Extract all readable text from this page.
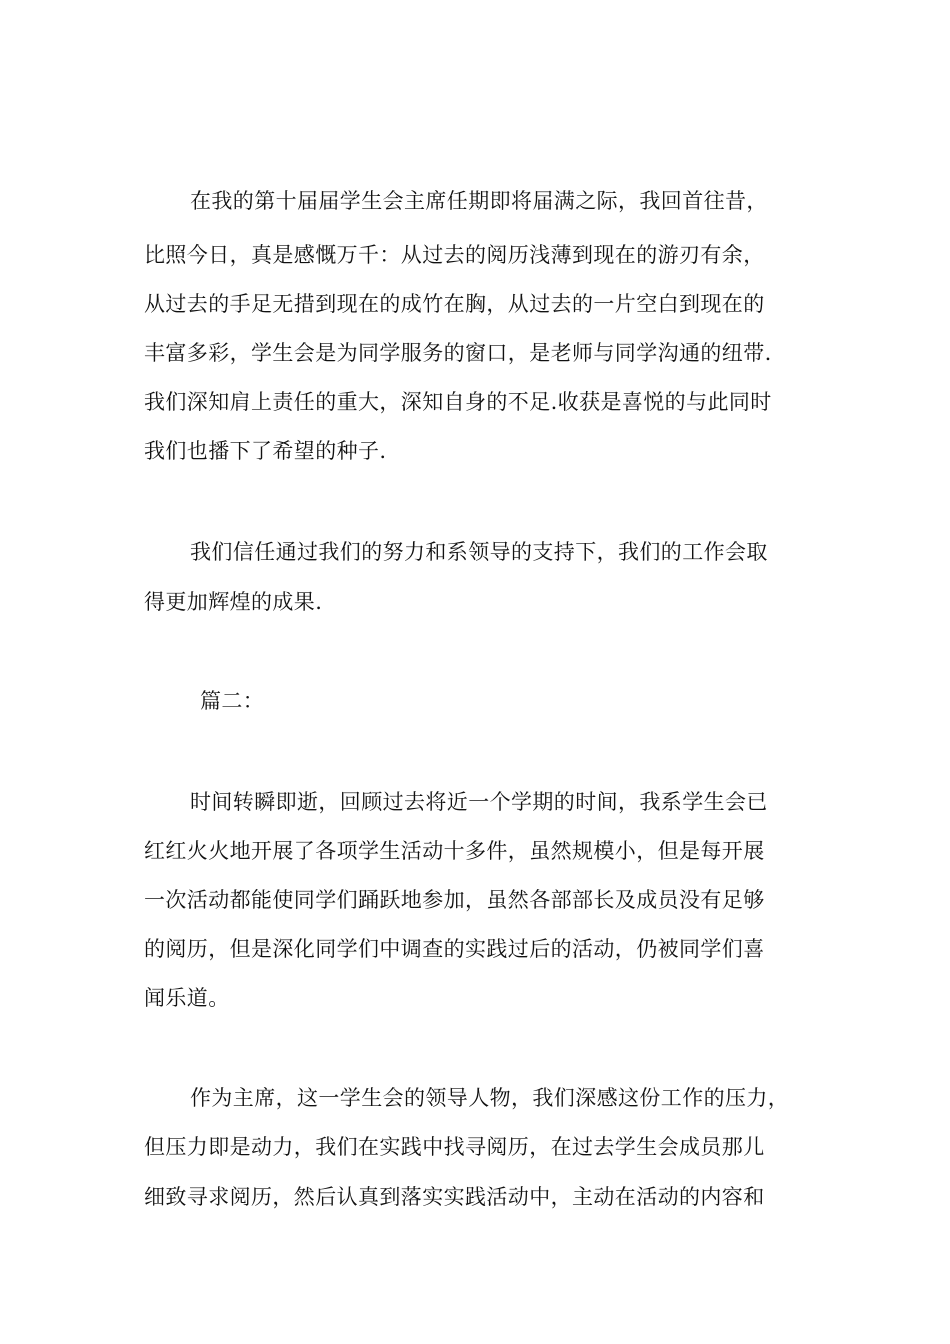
在我的第十届届学生会主席任期即将届满之际，我回首往昔，
比照今日，真是感慨万千：从过去的阅历浅薄到现在的游刃有余，
从过去的手足无措到现在的成竹在胸，从过去的一片空白到现在的
丰富多彩，学生会是为同学服务的窗口，是老师与同学沟通的纽带.
我们深知肩上责任的重大，深知自身的不足.收获是喜悦的与此同时
我们也播下了希望的种子.
我们信任通过我们的努力和系领导的支持下，我们的工作会取
得更加辉煌的成果.
篇二：
时间转瞬即逝，回顾过去将近一个学期的时间，我系学生会已
红红火火地开展了各项学生活动十多件，虽然规模小，但是每开展
一次活动都能使同学们踊跃地参加，虽然各部部长及成员没有足够
的阅历，但是深化同学们中调查的实践过后的活动，仍被同学们喜
闻乐道。
作为主席，这一学生会的领导人物，我们深感这份工作的压力，
但压力即是动力，我们在实践中找寻阅历，在过去学生会成员那儿
细致寻求阅历，然后认真到落实实践活动中，主动在活动的内容和
